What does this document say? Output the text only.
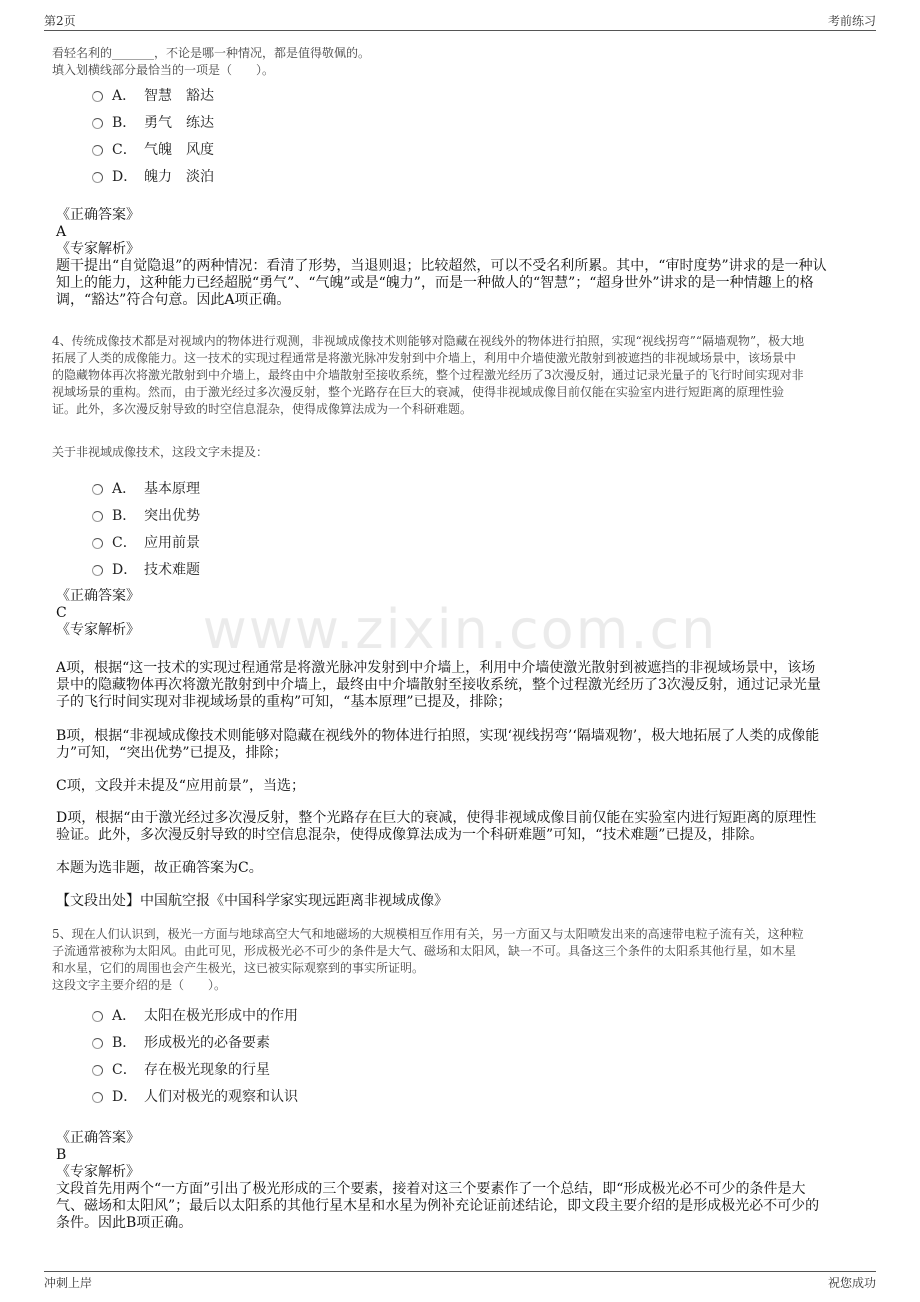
第2页	考前练习
www.zixin.com.cn
看轻名利的_______，不论是哪一种情况，都是值得敬佩的。
填入划横线部分最恰当的一项是（　　）。
A． 智慧　豁达
B． 勇气　练达
C． 气魄　风度
D． 魄力　淡泊
《正确答案》
A
《专家解析》
题干提出“自觉隐退”的两种情况：看清了形势，当退则退；比较超然，可以不受名利所累。其中，“审时度势”讲求的是一种认
知上的能力，这种能力已经超脱“勇气”、“气魄”或是“魄力”，而是一种做人的“智慧”；“超身世外”讲求的是一种情趣上的格
调，“豁达”符合句意。因此A项正确。
4、传统成像技术都是对视域内的物体进行观测，非视域成像技术则能够对隐藏在视线外的物体进行拍照，实现“视线拐弯”“隔墙观物”，极大地
拓展了人类的成像能力。这一技术的实现过程通常是将激光脉冲发射到中介墙上，利用中介墙使激光散射到被遮挡的非视域场景中，该场景中
的隐藏物体再次将激光散射到中介墙上，最终由中介墙散射至接收系统，整个过程激光经历了3次漫反射，通过记录光量子的飞行时间实现对非
视域场景的重构。然而，由于激光经过多次漫反射，整个光路存在巨大的衰减，使得非视域成像目前仅能在实验室内进行短距离的原理性验
证。此外，多次漫反射导致的时空信息混杂，使得成像算法成为一个科研难题。
关于非视域成像技术，这段文字未提及：
A． 基本原理
B． 突出优势
C． 应用前景
D． 技术难题
《正确答案》
C
《专家解析》
A项，根据“这一技术的实现过程通常是将激光脉冲发射到中介墙上，利用中介墙使激光散射到被遮挡的非视域场景中，该场
景中的隐藏物体再次将激光散射到中介墙上，最终由中介墙散射至接收系统，整个过程激光经历了3次漫反射，通过记录光量
子的飞行时间实现对非视域场景的重构”可知，“基本原理”已提及，排除；
B项，根据“非视域成像技术则能够对隐藏在视线外的物体进行拍照，实现‘视线拐弯’‘隔墙观物’，极大地拓展了人类的成像能
力”可知，“突出优势”已提及，排除；
C项，文段并未提及“应用前景”，当选；
D项，根据“由于激光经过多次漫反射，整个光路存在巨大的衰减，使得非视域成像目前仅能在实验室内进行短距离的原理性
验证。此外，多次漫反射导致的时空信息混杂，使得成像算法成为一个科研难题”可知，“技术难题”已提及，排除。
本题为选非题，故正确答案为C。
【文段出处】中国航空报《中国科学家实现远距离非视域成像》
5、现在人们认识到，极光一方面与地球高空大气和地磁场的大规模相互作用有关，另一方面又与太阳喷发出来的高速带电粒子流有关，这种粒
子流通常被称为太阳风。由此可见，形成极光必不可少的条件是大气、磁场和太阳风，缺一不可。具备这三个条件的太阳系其他行星，如木星
和水星，它们的周围也会产生极光，这已被实际观察到的事实所证明。
这段文字主要介绍的是（　　）。
A． 太阳在极光形成中的作用
B． 形成极光的必备要素
C． 存在极光现象的行星
D． 人们对极光的观察和认识
《正确答案》
B
《专家解析》
文段首先用两个“一方面”引出了极光形成的三个要素，接着对这三个要素作了一个总结，即“形成极光必不可少的条件是大
气、磁场和太阳风”；最后以太阳系的其他行星木星和水星为例补充论证前述结论，即文段主要介绍的是形成极光必不可少的
条件。因此B项正确。
冲刺上岸	祝您成功
